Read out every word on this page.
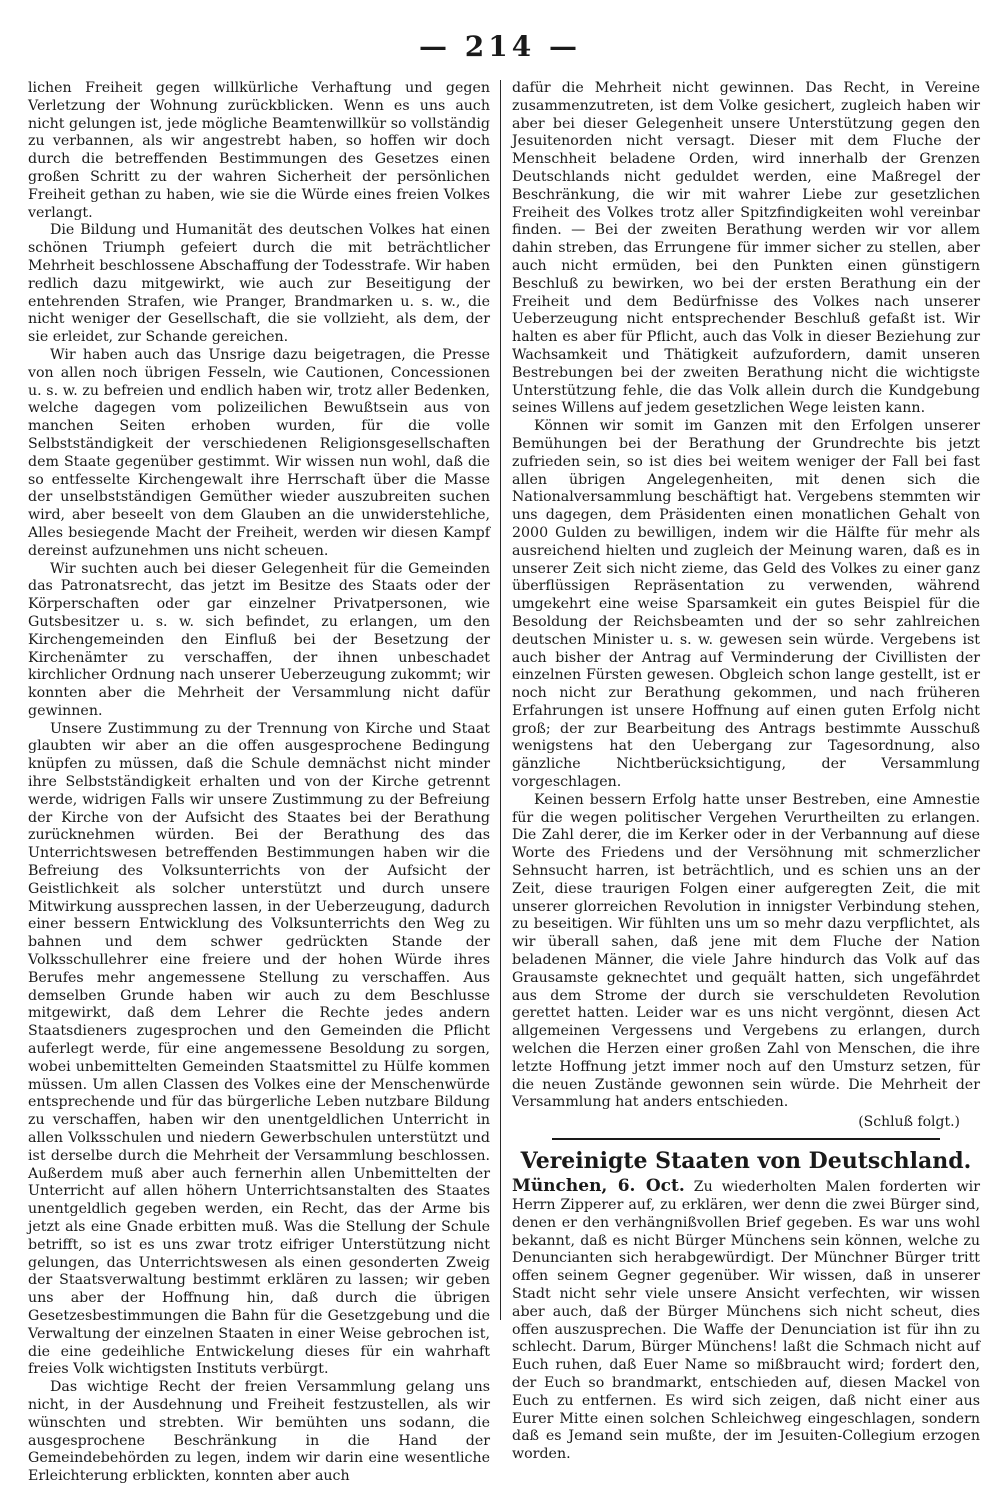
— 214 —

lichen Freiheit gegen willkürliche Verhaftung und gegen Verletzung der Wohnung zurückblicken. Wenn es uns auch nicht gelungen ist, jede mögliche Beamtenwillkür so vollständig zu verbannen, als wir angestrebt haben, so hoffen wir doch durch die betreffenden Bestimmungen des Gesetzes einen großen Schritt zu der wahren Sicherheit der persönlichen Freiheit gethan zu haben, wie sie die Würde eines freien Volkes verlangt.

Die Bildung und Humanität des deutschen Volkes hat einen schönen Triumph gefeiert durch die mit beträchtlicher Mehrheit beschlossene Abschaffung der Todesstrafe. Wir haben redlich dazu mitgewirkt, wie auch zur Beseitigung der entehrenden Strafen, wie Pranger, Brandmarken u. s. w., die nicht weniger der Gesellschaft, die sie vollzieht, als dem, der sie erleidet, zur Schande gereichen.

Wir haben auch das Unsrige dazu beigetragen, die Presse von allen noch übrigen Fesseln, wie Cautionen, Concessionen u. s. w. zu befreien und endlich haben wir, trotz aller Bedenken, welche dagegen vom polizeilichen Bewußtsein aus von manchen Seiten erhoben wurden, für die volle Selbstständigkeit der verschiedenen Religionsgesellschaften dem Staate gegenüber gestimmt. Wir wissen nun wohl, daß die so entfesselte Kirchengewalt ihre Herrschaft über die Masse der unselbstständigen Gemüther wieder auszubreiten suchen wird, aber beseelt von dem Glauben an die unwiderstehliche, Alles besiegende Macht der Freiheit, werden wir diesen Kampf dereinst aufzunehmen uns nicht scheuen.

Wir suchten auch bei dieser Gelegenheit für die Gemeinden das Patronatsrecht, das jetzt im Besitze des Staats oder der Körperschaften oder gar einzelner Privatpersonen, wie Gutsbesitzer u. s. w. sich befindet, zu erlangen, um den Kirchengemeinden den Einfluß bei der Besetzung der Kirchenämter zu verschaffen, der ihnen unbeschadet kirchlicher Ordnung nach unserer Ueberzeugung zukommt; wir konnten aber die Mehrheit der Versammlung nicht dafür gewinnen.

Unsere Zustimmung zu der Trennung von Kirche und Staat glaubten wir aber an die offen ausgesprochene Bedingung knüpfen zu müssen, daß die Schule demnächst nicht minder ihre Selbstständigkeit erhalten und von der Kirche getrennt werde, widrigen Falls wir unsere Zustimmung zu der Befreiung der Kirche von der Aufsicht des Staates bei der Berathung zurücknehmen würden. Bei der Berathung des das Unterrichtswesen betreffenden Bestimmungen haben wir die Befreiung des Volksunterrichts von der Aufsicht der Geistlichkeit als solcher unterstützt und durch unsere Mitwirkung aussprechen lassen, in der Ueberzeugung, dadurch einer bessern Entwicklung des Volksunterrichts den Weg zu bahnen und dem schwer gedrückten Stande der Volksschullehrer eine freiere und der hohen Würde ihres Berufes mehr angemessene Stellung zu verschaffen. Aus demselben Grunde haben wir auch zu dem Beschlusse mitgewirkt, daß dem Lehrer die Rechte jedes andern Staatsdieners zugesprochen und den Gemeinden die Pflicht auferlegt werde, für eine angemessene Besoldung zu sorgen, wobei unbemittelten Gemeinden Staatsmittel zu Hülfe kommen müssen. Um allen Classen des Volkes eine der Menschenwürde entsprechende und für das bürgerliche Leben nutzbare Bildung zu verschaffen, haben wir den unentgeldlichen Unterricht in allen Volksschulen und niedern Gewerbschulen unterstützt und ist derselbe durch die Mehrheit der Versammlung beschlossen. Außerdem muß aber auch fernerhin allen Unbemittelten der Unterricht auf allen höhern Unterrichtsanstalten des Staates unentgeldlich gegeben werden, ein Recht, das der Arme bis jetzt als eine Gnade erbitten muß. Was die Stellung der Schule betrifft, so ist es uns zwar trotz eifriger Unterstützung nicht gelungen, das Unterrichtswesen als einen gesonderten Zweig der Staatsverwaltung bestimmt erklären zu lassen; wir geben uns aber der Hoffnung hin, daß durch die übrigen Gesetzesbestimmungen die Bahn für die Gesetzgebung und die Verwaltung der einzelnen Staaten in einer Weise gebrochen ist, die eine gedeihliche Entwickelung dieses für ein wahrhaft freies Volk wichtigsten Instituts verbürgt.

Das wichtige Recht der freien Versammlung gelang uns nicht, in der Ausdehnung und Freiheit festzustellen, als wir wünschten und strebten. Wir bemühten uns sodann, die ausgesprochene Beschränkung in die Hand der Gemeindebehörden zu legen, indem wir darin eine wesentliche Erleichterung erblickten, konnten aber auch

dafür die Mehrheit nicht gewinnen. Das Recht, in Vereine zusammenzutreten, ist dem Volke gesichert, zugleich haben wir aber bei dieser Gelegenheit unsere Unterstützung gegen den Jesuitenorden nicht versagt. Dieser mit dem Fluche der Menschheit beladene Orden, wird innerhalb der Grenzen Deutschlands nicht geduldet werden, eine Maßregel der Beschränkung, die wir mit wahrer Liebe zur gesetzlichen Freiheit des Volkes trotz aller Spitzfindigkeiten wohl vereinbar finden. — Bei der zweiten Berathung werden wir vor allem dahin streben, das Errungene für immer sicher zu stellen, aber auch nicht ermüden, bei den Punkten einen günstigern Beschluß zu bewirken, wo bei der ersten Berathung ein der Freiheit und dem Bedürfnisse des Volkes nach unserer Ueberzeugung nicht entsprechender Beschluß gefaßt ist. Wir halten es aber für Pflicht, auch das Volk in dieser Beziehung zur Wachsamkeit und Thätigkeit aufzufordern, damit unseren Bestrebungen bei der zweiten Berathung nicht die wichtigste Unterstützung fehle, die das Volk allein durch die Kundgebung seines Willens auf jedem gesetzlichen Wege leisten kann.

Können wir somit im Ganzen mit den Erfolgen unserer Bemühungen bei der Berathung der Grundrechte bis jetzt zufrieden sein, so ist dies bei weitem weniger der Fall bei fast allen übrigen Angelegenheiten, mit denen sich die Nationalversammlung beschäftigt hat. Vergebens stemmten wir uns dagegen, dem Präsidenten einen monatlichen Gehalt von 2000 Gulden zu bewilligen, indem wir die Hälfte für mehr als ausreichend hielten und zugleich der Meinung waren, daß es in unserer Zeit sich nicht zieme, das Geld des Volkes zu einer ganz überflüssigen Repräsentation zu verwenden, während umgekehrt eine weise Sparsamkeit ein gutes Beispiel für die Besoldung der Reichsbeamten und der so sehr zahlreichen deutschen Minister u. s. w. gewesen sein würde. Vergebens ist auch bisher der Antrag auf Verminderung der Civillisten der einzelnen Fürsten gewesen. Obgleich schon lange gestellt, ist er noch nicht zur Berathung gekommen, und nach früheren Erfahrungen ist unsere Hoffnung auf einen guten Erfolg nicht groß; der zur Bearbeitung des Antrags bestimmte Ausschuß wenigstens hat den Uebergang zur Tagesordnung, also gänzliche Nichtberücksichtigung, der Versammlung vorgeschlagen.

Keinen bessern Erfolg hatte unser Bestreben, eine Amnestie für die wegen politischer Vergehen Verurtheilten zu erlangen. Die Zahl derer, die im Kerker oder in der Verbannung auf diese Worte des Friedens und der Versöhnung mit schmerzlicher Sehnsucht harren, ist beträchtlich, und es schien uns an der Zeit, diese traurigen Folgen einer aufgeregten Zeit, die mit unserer glorreichen Revolution in innigster Verbindung stehen, zu beseitigen. Wir fühlten uns um so mehr dazu verpflichtet, als wir überall sahen, daß jene mit dem Fluche der Nation beladenen Männer, die viele Jahre hindurch das Volk auf das Grausamste geknechtet und gequält hatten, sich ungefährdet aus dem Strome der durch sie verschuldeten Revolution gerettet hatten. Leider war es uns nicht vergönnt, diesen Act allgemeinen Vergessens und Vergebens zu erlangen, durch welchen die Herzen einer großen Zahl von Menschen, die ihre letzte Hoffnung jetzt immer noch auf den Umsturz setzen, für die neuen Zustände gewonnen sein würde. Die Mehrheit der Versammlung hat anders entschieden.

(Schluß folgt.)
Vereinigte Staaten von Deutschland.

München, 6. Oct. Zu wiederholten Malen forderten wir Herrn Zipperer auf, zu erklären, wer denn die zwei Bürger sind, denen er den verhängnißvollen Brief gegeben. Es war uns wohl bekannt, daß es nicht Bürger Münchens sein können, welche zu Denuncianten sich herabgewürdigt. Der Münchner Bürger tritt offen seinem Gegner gegenüber. Wir wissen, daß in unserer Stadt nicht sehr viele unsere Ansicht verfechten, wir wissen aber auch, daß der Bürger Münchens sich nicht scheut, dies offen auszusprechen. Die Waffe der Denunciation ist für ihn zu schlecht. Darum, Bürger Münchens! laßt die Schmach nicht auf Euch ruhen, daß Euer Name so mißbraucht wird; fordert den, der Euch so brandmarkt, entschieden auf, diesen Mackel von Euch zu entfernen. Es wird sich zeigen, daß nicht einer aus Eurer Mitte einen solchen Schleichweg eingeschlagen, sondern daß es Jemand sein mußte, der im Jesuiten-Collegium erzogen worden.
